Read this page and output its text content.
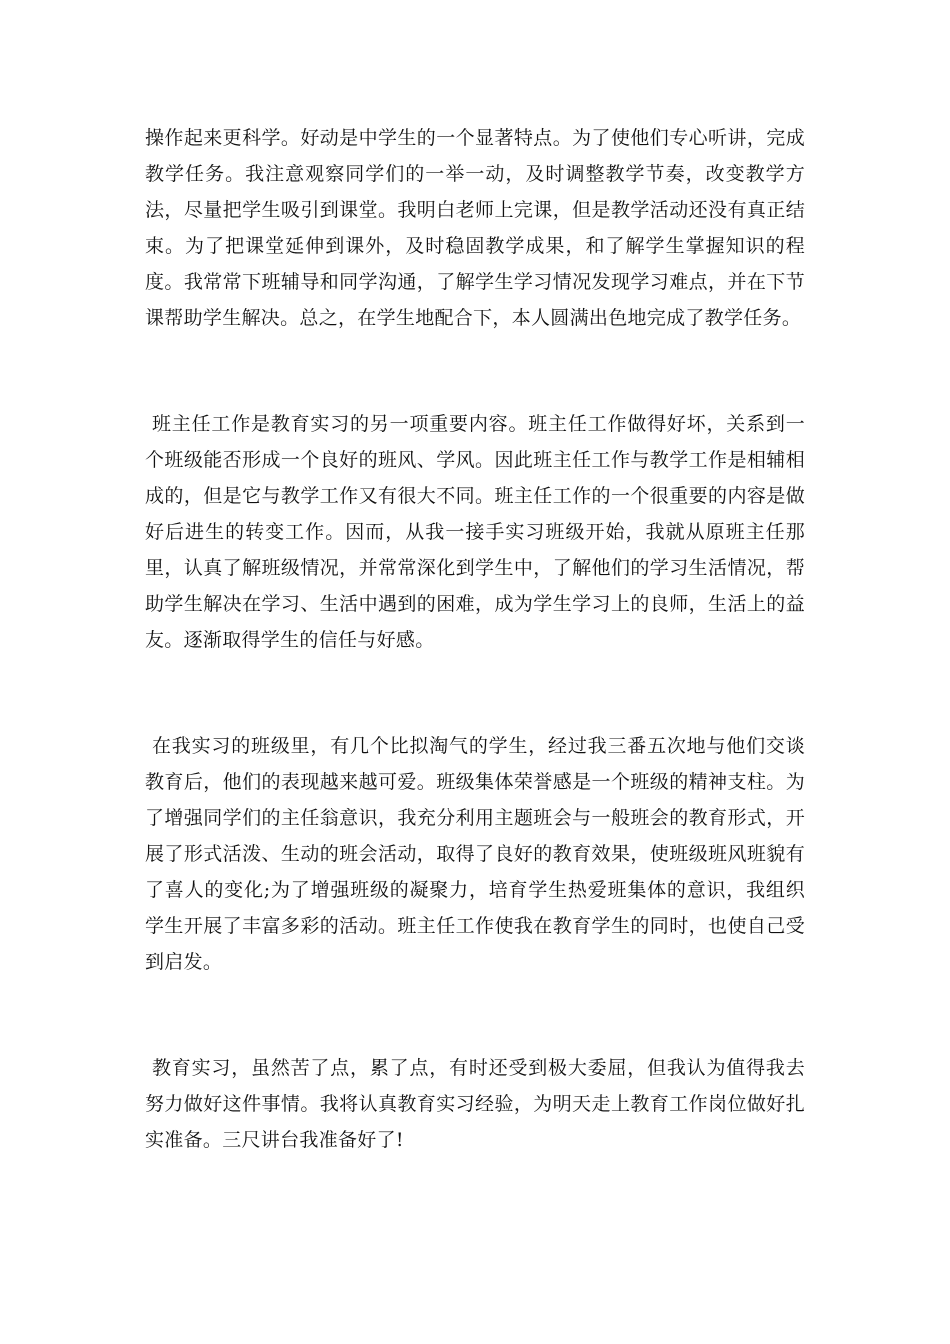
操作起来更科学。好动是中学生的一个显著特点。为了使他们专心听讲，完成教学任务。我注意观察同学们的一举一动，及时调整教学节奏，改变教学方法，尽量把学生吸引到课堂。我明白老师上完课，但是教学活动还没有真正结束。为了把课堂延伸到课外，及时稳固教学成果，和了解学生掌握知识的程度。我常常下班辅导和同学沟通，了解学生学习情况发现学习难点，并在下节课帮助学生解决。总之，在学生地配合下，本人圆满出色地完成了教学任务。

班主任工作是教育实习的另一项重要内容。班主任工作做得好坏，关系到一个班级能否形成一个良好的班风、学风。因此班主任工作与教学工作是相辅相成的，但是它与教学工作又有很大不同。班主任工作的一个很重要的内容是做好后进生的转变工作。因而，从我一接手实习班级开始，我就从原班主任那里，认真了解班级情况，并常常深化到学生中，了解他们的学习生活情况，帮助学生解决在学习、生活中遇到的困难，成为学生学习上的良师，生活上的益友。逐渐取得学生的信任与好感。

在我实习的班级里，有几个比拟淘气的学生，经过我三番五次地与他们交谈教育后，他们的表现越来越可爱。班级集体荣誉感是一个班级的精神支柱。为了增强同学们的主任翁意识，我充分利用主题班会与一般班会的教育形式，开展了形式活泼、生动的班会活动，取得了良好的教育效果，使班级班风班貌有了喜人的变化;为了增强班级的凝聚力，培育学生热爱班集体的意识，我组织学生开展了丰富多彩的活动。班主任工作使我在教育学生的同时，也使自己受到启发。

教育实习，虽然苦了点，累了点，有时还受到极大委屈，但我认为值得我去努力做好这件事情。我将认真教育实习经验，为明天走上教育工作岗位做好扎实准备。三尺讲台我准备好了!
